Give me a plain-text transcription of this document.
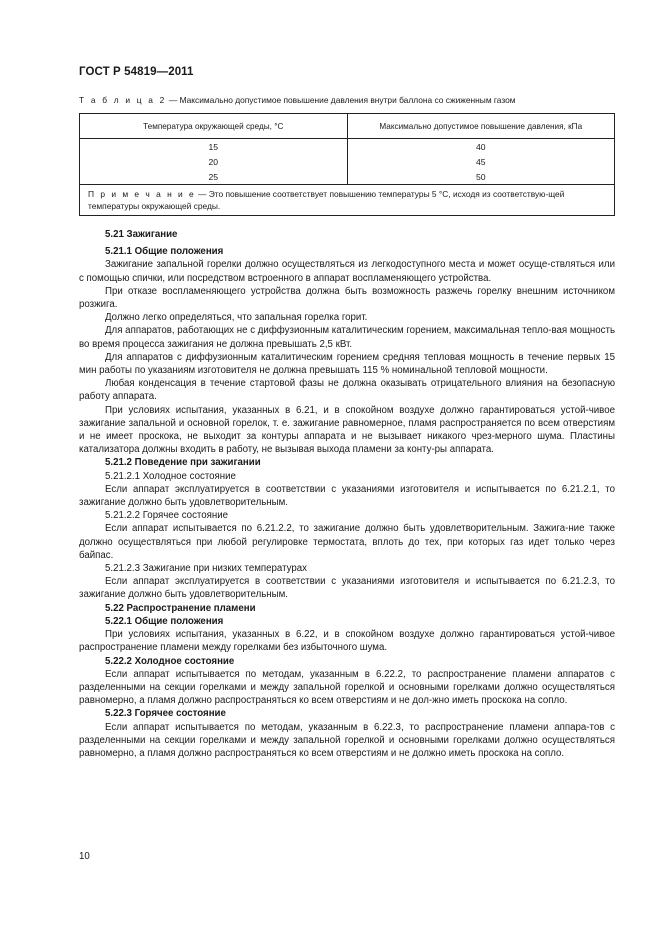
ГОСТ Р 54819—2011
Т а б л и ц а 2 — Максимально допустимое повышение давления внутри баллона со сжиженным газом
Температура окружающей среды, °С	Максимально допустимое повышение давления, кПа
15	40
20	45
25	50
П р и м е ч а н и е — Это повышение соответствует повышению температуры 5 °С, исходя из соответствую-щей температуры окружающей среды.	
5.21 Зажигание
5.21.1 Общие положения

Зажигание запальной горелки должно осуществляться из легкодоступного места и может осуще-ствляться или с помощью спички, или посредством встроенного в аппарат воспламеняющего устройства.

При отказе воспламеняющего устройства должна быть возможность разжечь горелку внешним источником розжига.

Должно легко определяться, что запальная горелка горит.

Для аппаратов, работающих не с диффузионным каталитическим горением, максимальная тепло-вая мощность во время процесса зажигания не должна превышать 2,5 кВт.

Для аппаратов с диффузионным каталитическим горением средняя тепловая мощность в течение первых 15 мин работы по указаниям изготовителя не должна превышать 115 % номинальной тепловой мощности.

Любая конденсация в течение стартовой фазы не должна оказывать отрицательного влияния на безопасную работу аппарата.

При условиях испытания, указанных в 6.21, и в спокойном воздухе должно гарантироваться устой-чивое зажигание запальной и основной горелок, т. е. зажигание равномерное, пламя распространяется по всем отверстиям и не имеет проскока, не выходит за контуры аппарата и не вызывает никакого чрез-мерного шума. Пластины катализатора должны входить в работу, не вызывая выхода пламени за конту-ры аппарата.

5.21.2 Поведение при зажигании
5.21.2.1 Холодное состояние

Если аппарат эксплуатируется в соответствии с указаниями изготовителя и испытывается по 6.21.2.1, то зажигание должно быть удовлетворительным.

5.21.2.2 Горячее состояние

Если аппарат испытывается по 6.21.2.2, то зажигание должно быть удовлетворительным. Зажига-ние также должно осуществляться при любой регулировке термостата, вплоть до тех, при которых газ идет только через байпас.

5.21.2.3 Зажигание при низких температурах

Если аппарат эксплуатируется в соответствии с указаниями изготовителя и испытывается по 6.21.2.3, то зажигание должно быть удовлетворительным.

5.22 Распространение пламени
5.22.1 Общие положения

При условиях испытания, указанных в 6.22, и в спокойном воздухе должно гарантироваться устой-чивое распространение пламени между горелками без избыточного шума.

5.22.2 Холодное состояние

Если аппарат испытывается по методам, указанным в 6.22.2, то распространение пламени аппаратов с разделенными на секции горелками и между запальной горелкой и основными горелками должно осуществляться равномерно, а пламя должно распространяться ко всем отверстиям и не дол-жно иметь проскока на сопло.

5.22.3 Горячее состояние

Если аппарат испытывается по методам, указанным в 6.22.3, то распространение пламени аппара-тов с разделенными на секции горелками и между запальной горелкой и основными горелками должно осуществляться равномерно, а пламя должно распространяться ко всем отверстиям и не должно иметь проскока на сопло.

10
